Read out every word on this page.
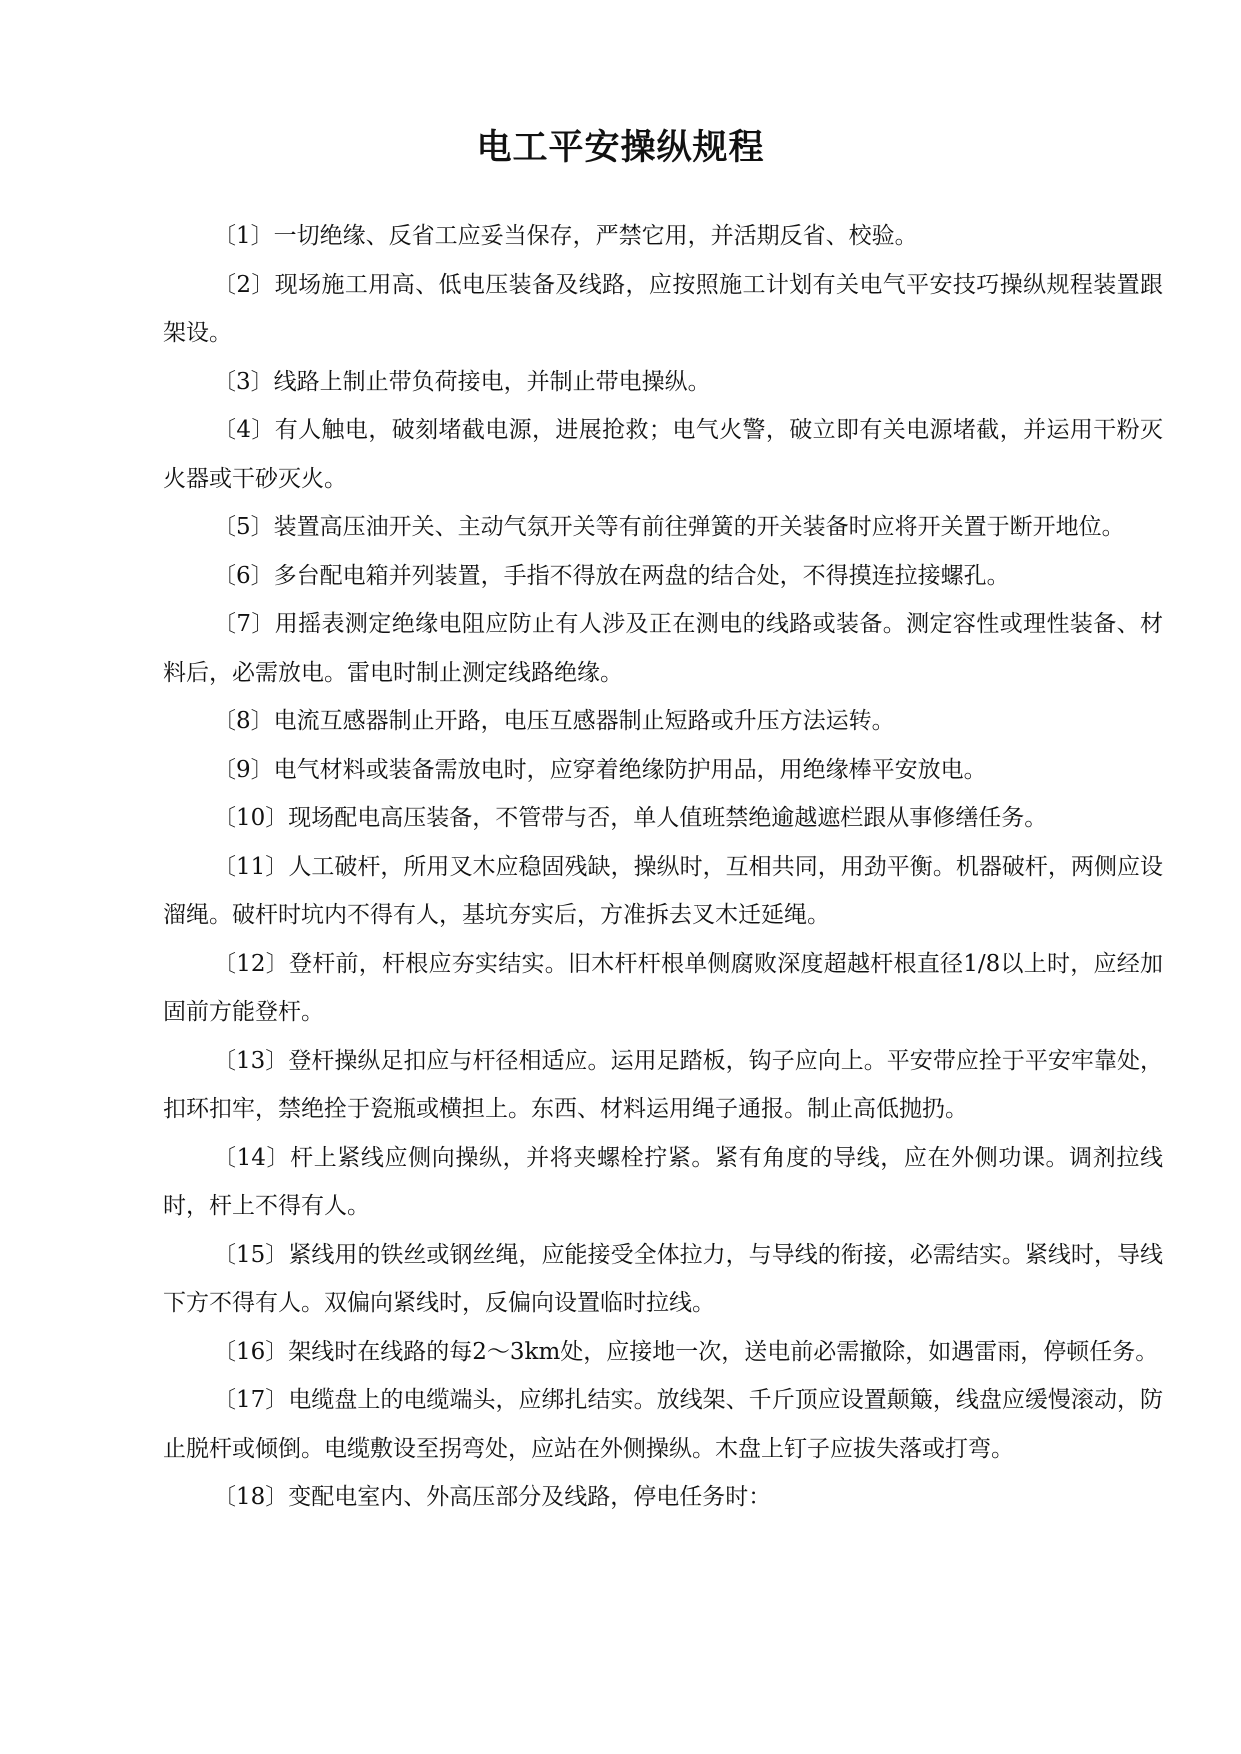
电工平安操纵规程

〔1〕一切绝缘、反省工应妥当保存，严禁它用，并活期反省、校验。

〔2〕现场施工用高、低电压装备及线路，应按照施工计划有关电气平安技巧操纵规程装置跟架设。

〔3〕线路上制止带负荷接电，并制止带电操纵。

〔4〕有人触电，破刻堵截电源，进展抢救；电气火警，破立即有关电源堵截，并运用干粉灭火器或干砂灭火。

〔5〕装置高压油开关、主动气氛开关等有前往弹簧的开关装备时应将开关置于断开地位。

〔6〕多台配电箱并列装置，手指不得放在两盘的结合处，不得摸连拉接螺孔。

〔7〕用摇表测定绝缘电阻应防止有人涉及正在测电的线路或装备。测定容性或理性装备、材料后，必需放电。雷电时制止测定线路绝缘。

〔8〕电流互感器制止开路，电压互感器制止短路或升压方法运转。

〔9〕电气材料或装备需放电时，应穿着绝缘防护用品，用绝缘棒平安放电。

〔10〕现场配电高压装备，不管带与否，单人值班禁绝逾越遮栏跟从事修缮任务。

〔11〕人工破杆，所用叉木应稳固残缺，操纵时，互相共同，用劲平衡。机器破杆，两侧应设溜绳。破杆时坑内不得有人，基坑夯实后，方准拆去叉木迁延绳。

〔12〕登杆前，杆根应夯实结实。旧木杆杆根单侧腐败深度超越杆根直径1/8以上时，应经加固前方能登杆。

〔13〕登杆操纵足扣应与杆径相适应。运用足踏板，钩子应向上。平安带应拴于平安牢靠处，扣环扣牢，禁绝拴于瓷瓶或横担上。东西、材料运用绳子通报。制止高低抛扔。

〔14〕杆上紧线应侧向操纵，并将夹螺栓拧紧。紧有角度的导线，应在外侧功课。调剂拉线时，杆上不得有人。

〔15〕紧线用的铁丝或钢丝绳，应能接受全体拉力，与导线的衔接，必需结实。紧线时，导线下方不得有人。双偏向紧线时，反偏向设置临时拉线。

〔16〕架线时在线路的每2～3km处，应接地一次，送电前必需撤除，如遇雷雨，停顿任务。

〔17〕电缆盘上的电缆端头，应绑扎结实。放线架、千斤顶应设置颠簸，线盘应缓慢滚动，防止脱杆或倾倒。电缆敷设至拐弯处，应站在外侧操纵。木盘上钉子应拔失落或打弯。

〔18〕变配电室内、外高压部分及线路，停电任务时：
